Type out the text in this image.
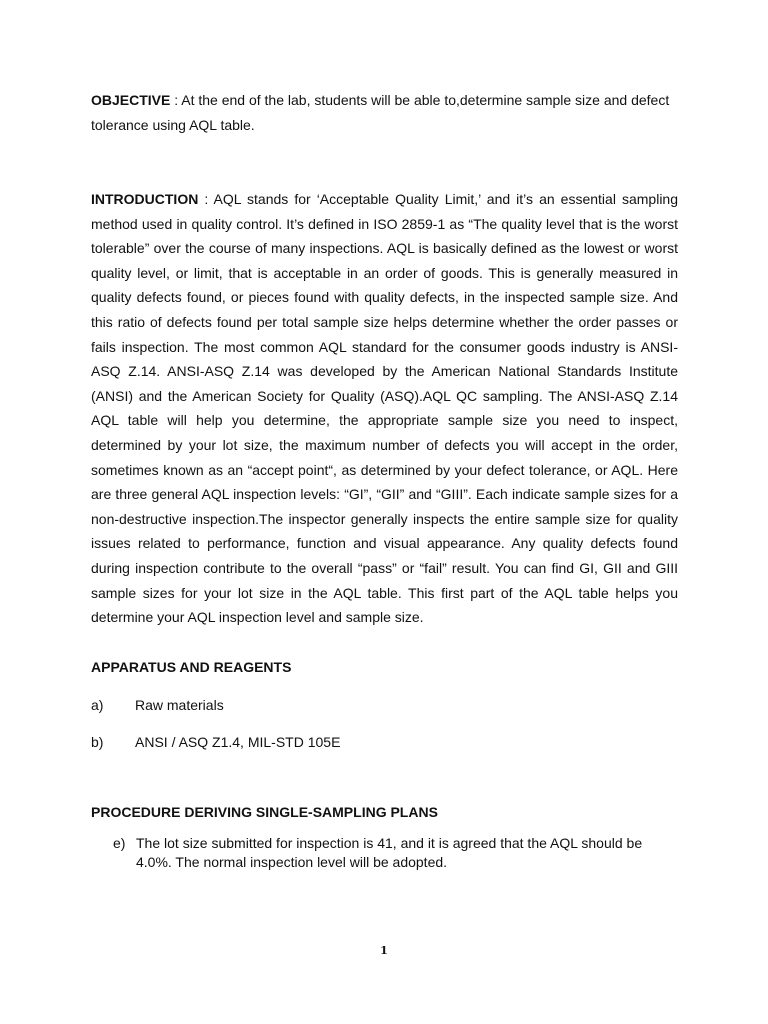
OBJECTIVE : At the end of the lab, students will be able to,determine sample size and defect tolerance using AQL table.
INTRODUCTION : AQL stands for ‘Acceptable Quality Limit,’ and it’s an essential sampling method used in quality control. It’s defined in ISO 2859-1 as “The quality level that is the worst tolerable” over the course of many inspections. AQL is basically defined as the lowest or worst quality level, or limit, that is acceptable in an order of goods. This is generally measured in quality defects found, or pieces found with quality defects, in the inspected sample size. And this ratio of defects found per total sample size helps determine whether the order passes or fails inspection. The most common AQL standard for the consumer goods industry is ANSI-ASQ Z.14. ANSI-ASQ Z.14 was developed by the American National Standards Institute (ANSI) and the American Society for Quality (ASQ).AQL QC sampling. The ANSI-ASQ Z.14 AQL table will help you determine, the appropriate sample size you need to inspect, determined by your lot size, the maximum number of defects you will accept in the order, sometimes known as an “accept point“, as determined by your defect tolerance, or AQL. Here are three general AQL inspection levels: “GI”, “GII” and “GIII”. Each indicate sample sizes for a non-destructive inspection.The inspector generally inspects the entire sample size for quality issues related to performance, function and visual appearance. Any quality defects found during inspection contribute to the overall “pass” or “fail” result. You can find GI, GII and GIII sample sizes for your lot size in the AQL table. This first part of the AQL table helps you determine your AQL inspection level and sample size.
APPARATUS AND REAGENTS
a) Raw materials
b) ANSI / ASQ Z1.4, MIL-STD 105E
PROCEDURE DERIVING SINGLE-SAMPLING PLANS
e) The lot size submitted for inspection is 41, and it is agreed that the AQL should be 4.0%. The normal inspection level will be adopted.
1
